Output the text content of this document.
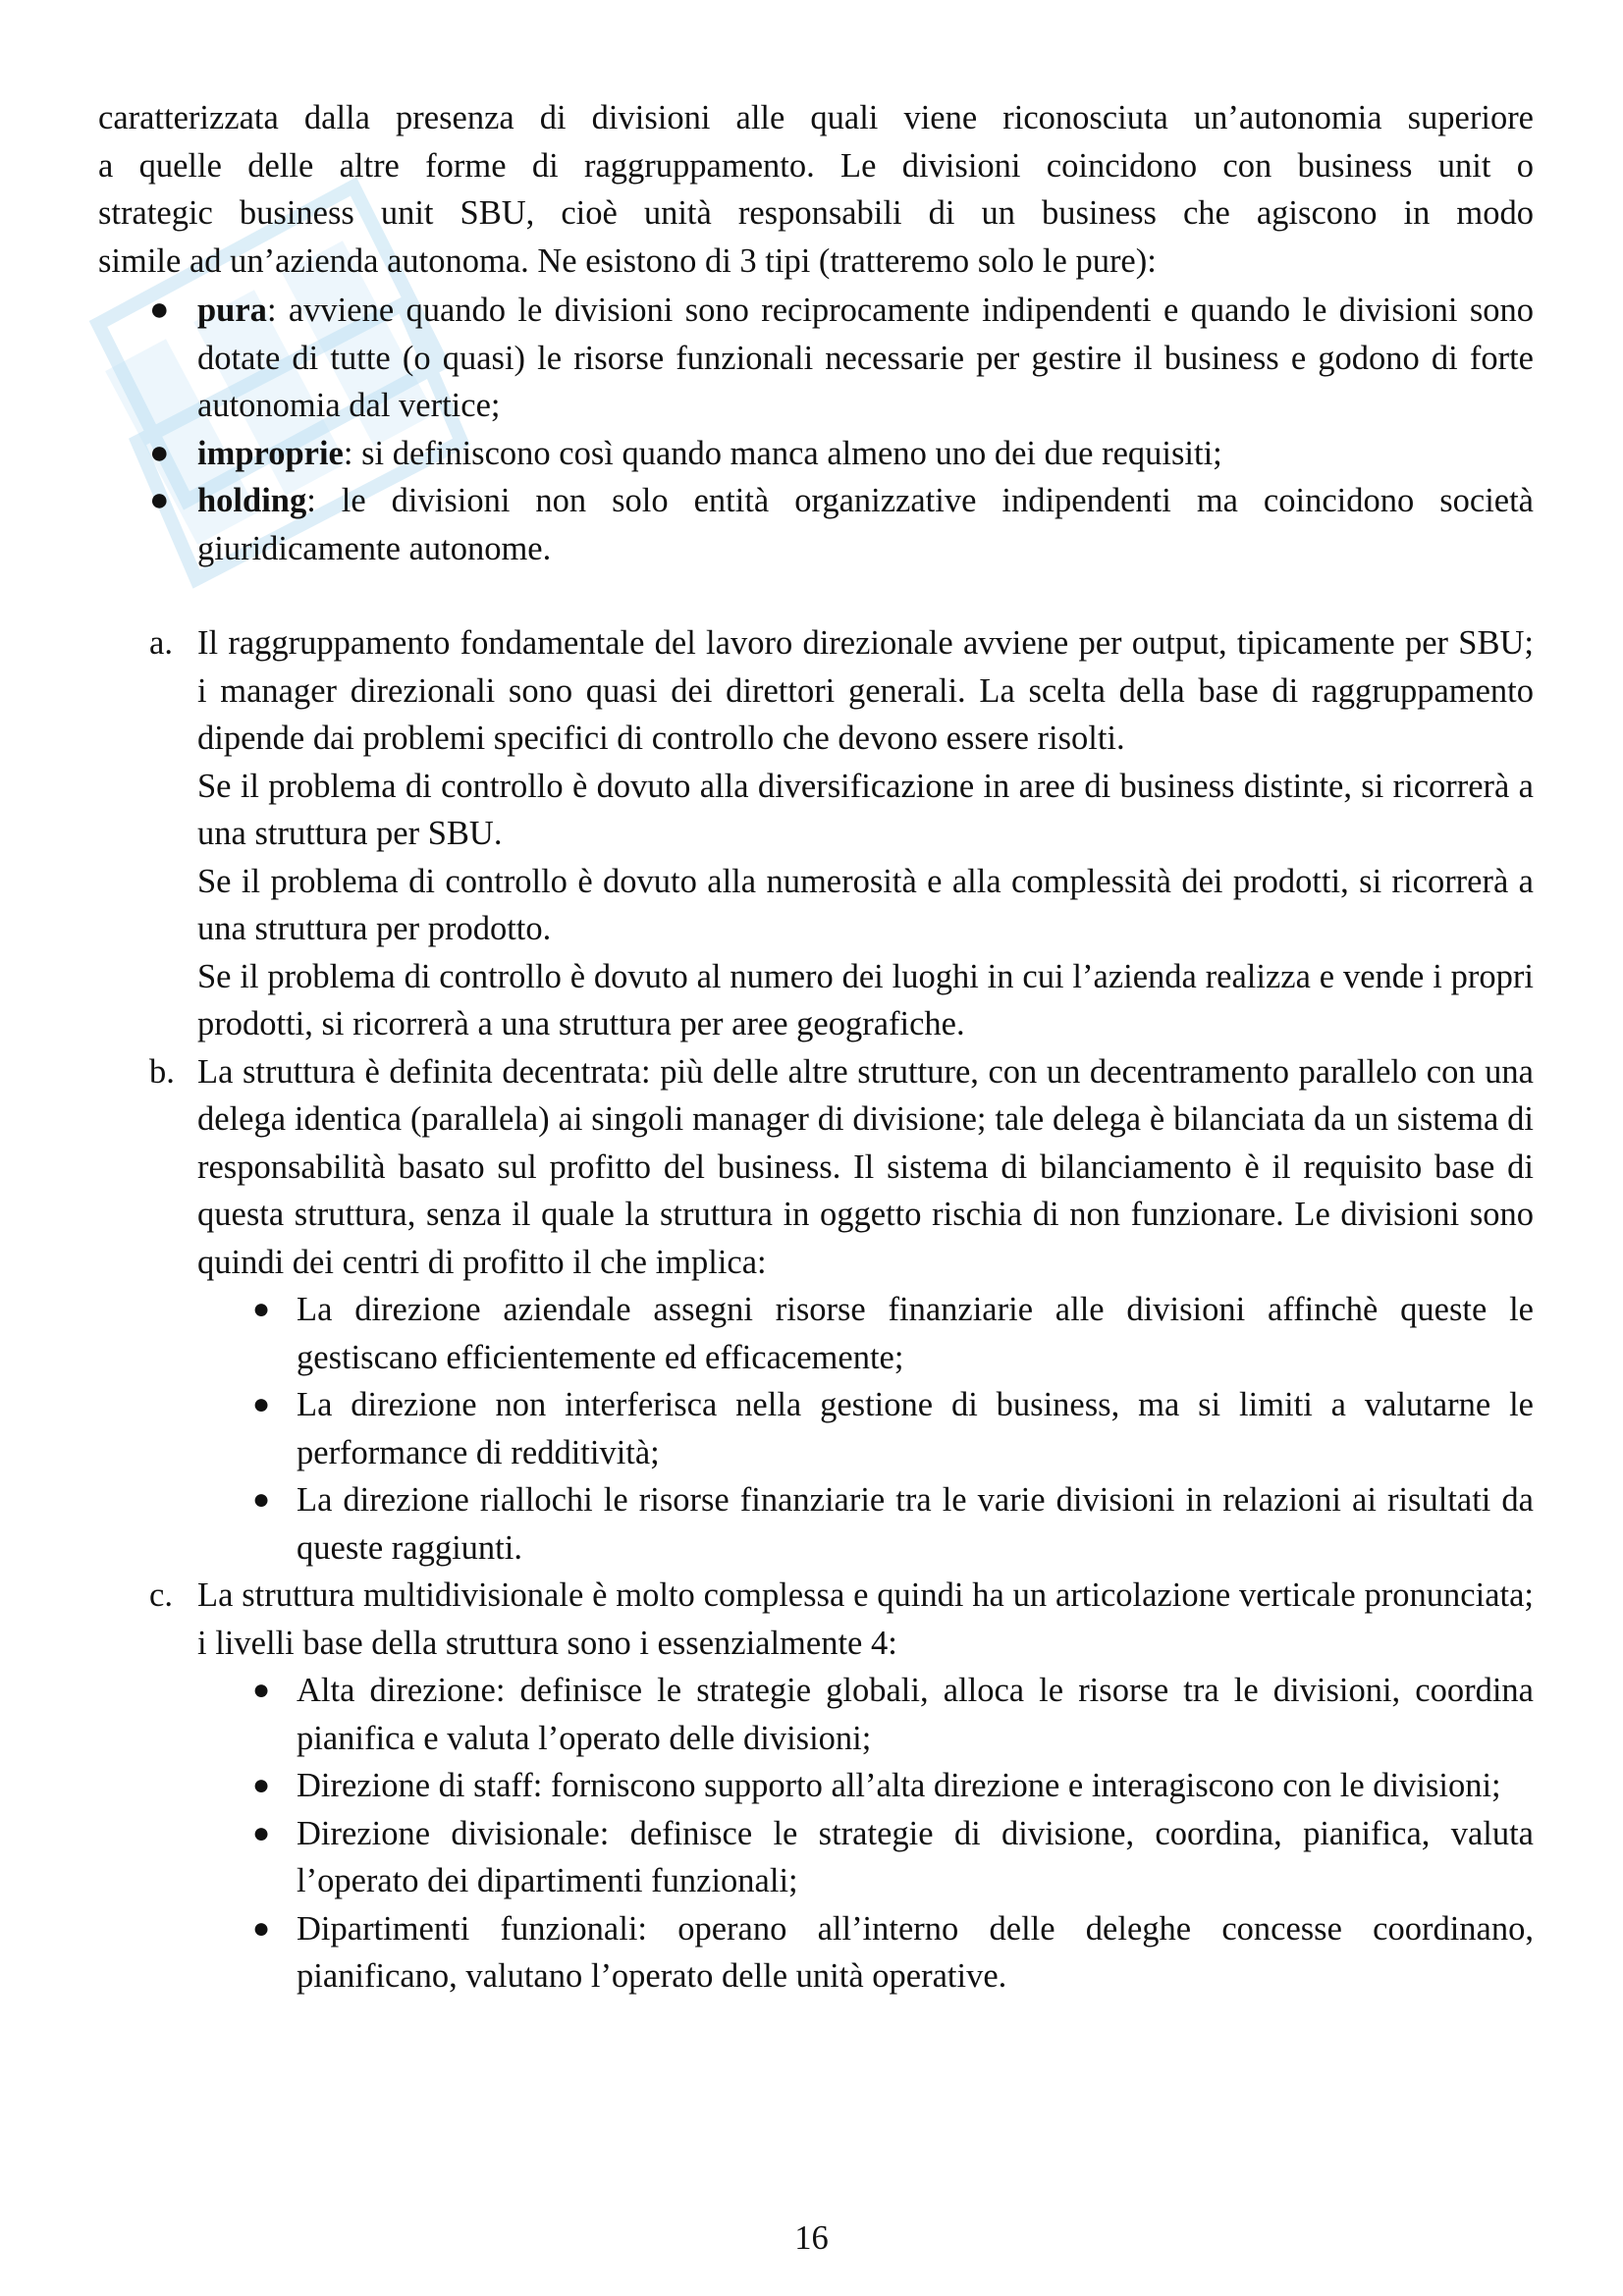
caratterizzata dalla presenza di divisioni alle quali viene riconosciuta un’autonomia superiore
a quelle delle altre forme di raggruppamento. Le divisioni coincidono con business unit o
strategic business unit SBU, cioè unità responsabili di un business che agiscono in modo
simile ad un’azienda autonoma. Ne esistono di 3 tipi (tratteremo solo le pure):

● pura: avviene quando le divisioni sono reciprocamente indipendenti e quando le divisioni sono dotate di tutte (o quasi) le risorse funzionali necessarie per gestire il business e godono di forte autonomia dal vertice;
● improprie: si definiscono così quando manca almeno uno dei due requisiti;
● holding: le divisioni non solo entità organizzative indipendenti ma coincidono società giuridicamente autonome.
a. Il raggruppamento fondamentale del lavoro direzionale avviene per output, tipicamente per SBU; i manager direzionali sono quasi dei direttori generali. La scelta della base di raggruppamento dipende dai problemi specifici di controllo che devono essere risolti.

Se il problema di controllo è dovuto alla diversificazione in aree di business distinte, si ricorrerà a una struttura per SBU.

Se il problema di controllo è dovuto alla numerosità e alla complessità dei prodotti, si ricorrerà a una struttura per prodotto.

Se il problema di controllo è dovuto al numero dei luoghi in cui l’azienda realizza e vende i propri prodotti, si ricorrerà a una struttura per aree geografiche.

b. La struttura è definita decentrata: più delle altre strutture, con un decentramento parallelo con una delega identica (parallela) ai singoli manager di divisione; tale delega è bilanciata da un sistema di responsabilità basato sul profitto del business. Il sistema di bilanciamento è il requisito base di questa struttura, senza il quale la struttura in oggetto rischia di non funzionare. Le divisioni sono quindi dei centri di profitto il che implica:

● La direzione aziendale assegni risorse finanziarie alle divisioni affinchè queste le gestiscano efficientemente ed efficacemente;
● La direzione non interferisca nella gestione di business, ma si limiti a valutarne le performance di redditività;
● La direzione riallochi le risorse finanziarie tra le varie divisioni in relazioni ai risultati da queste raggiunti.
c. La struttura multidivisionale è molto complessa e quindi ha un articolazione verticale pronunciata; i livelli base della struttura sono i essenzialmente 4:

● Alta direzione: definisce le strategie globali, alloca le risorse tra le divisioni, coordina pianifica e valuta l’operato delle divisioni;
● Direzione di staff: forniscono supporto all’alta direzione e interagiscono con le divisioni;
● Direzione divisionale: definisce le strategie di divisione, coordina, pianifica, valuta l’operato dei dipartimenti funzionali;
● Dipartimenti funzionali: operano all’interno delle deleghe concesse coordinano, pianificano, valutano l’operato delle unità operative.
16
